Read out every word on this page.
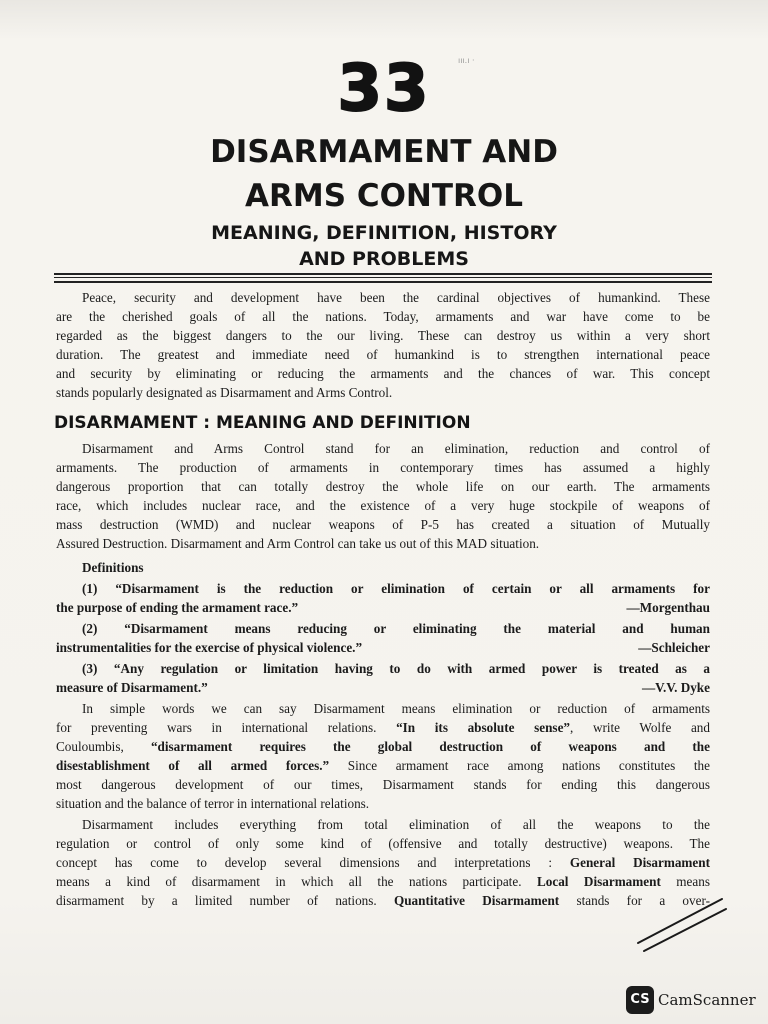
ııı.ı ·
33
DISARMAMENT AND
ARMS CONTROL
MEANING, DEFINITION, HISTORY
AND PROBLEMS
Peace, security and development have been the cardinal objectives of humankind. These
are the cherished goals of all the nations. Today, armaments and war have come to be
regarded as the biggest dangers to the our living. These can destroy us within a very short
duration. The greatest and immediate need of humankind is to strengthen international peace
and security by eliminating or reducing the armaments and the chances of war. This concept
stands popularly designated as Disarmament and Arms Control.
DISARMAMENT : MEANING AND DEFINITION
Disarmament and Arms Control stand for an elimination, reduction and control of
armaments. The production of armaments in contemporary times has assumed a highly
dangerous proportion that can totally destroy the whole life on our earth. The armaments
race, which includes nuclear race, and the existence of a very huge stockpile of weapons of
mass destruction (WMD) and nuclear weapons of P-5 has created a situation of Mutually
Assured Destruction. Disarmament and Arm Control can take us out of this MAD situation.
Definitions
(1) “Disarmament is the reduction or elimination of certain or all armaments for
the purpose of ending the armament race.”	—Morgenthau
(2) “Disarmament means reducing or eliminating the material and human
instrumentalities for the exercise of physical violence.”	—Schleicher
(3) “Any regulation or limitation having to do with armed power is treated as a
measure of Disarmament.”	—V.V. Dyke
In simple words we can say Disarmament means elimination or reduction of armaments
for preventing wars in international relations. “In its absolute sense”, write Wolfe and
Couloumbis, “disarmament requires the global destruction of weapons and the
disestablishment of all armed forces.” Since armament race among nations constitutes the
most dangerous development of our times, Disarmament stands for ending this dangerous
situation and the balance of terror in international relations.
Disarmament includes everything from total elimination of all the weapons to the
regulation or control of only some kind of (offensive and totally destructive) weapons. The
concept has come to develop several dimensions and interpretations : General Disarmament
means a kind of disarmament in which all the nations participate. Local Disarmament means
disarmament by a limited number of nations. Quantitative Disarmament stands for a over-
CS CamScanner
